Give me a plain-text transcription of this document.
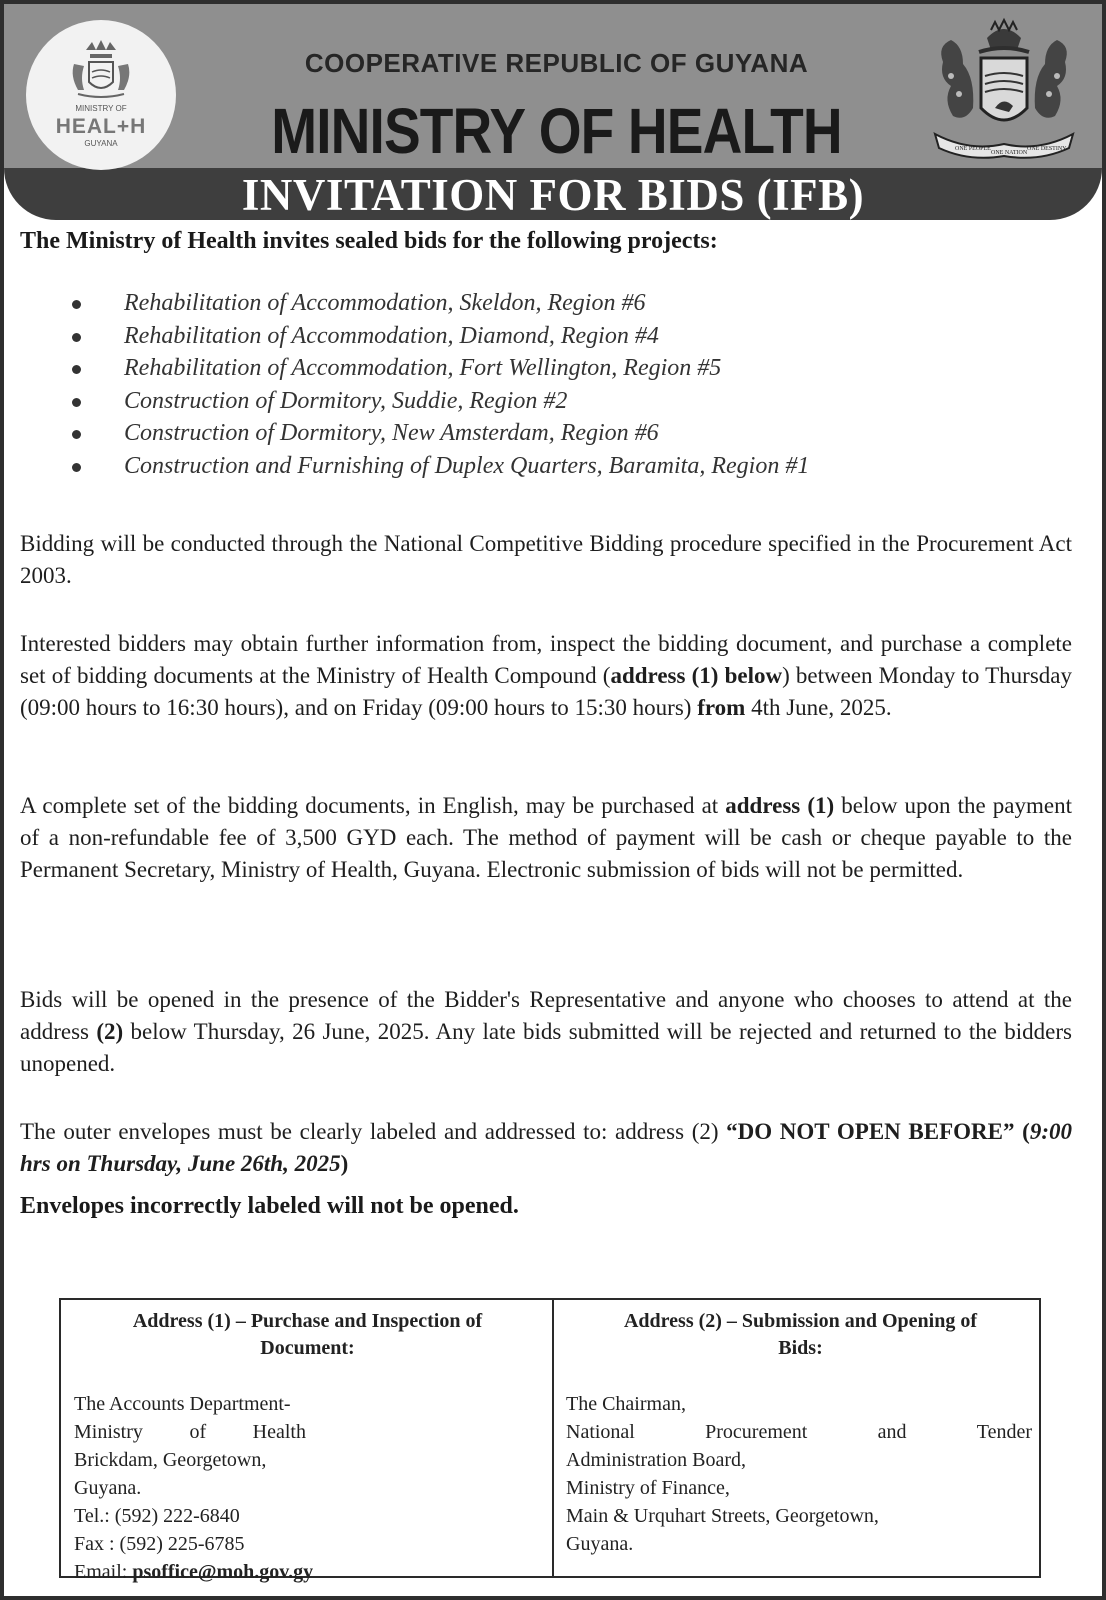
MINISTRY OF
HEAL+H
GUYANA
COOPERATIVE REPUBLIC OF GUYANA
MINISTRY OF HEALTH	ONE PEOPLE
ONE NATION
ONE DESTINY
INVITATION FOR BIDS (IFB)
The Ministry of Health invites sealed bids for the following projects:
Rehabilitation of Accommodation, Skeldon, Region #6
Rehabilitation of Accommodation, Diamond, Region #4
Rehabilitation of Accommodation, Fort Wellington, Region #5
Construction of Dormitory, Suddie, Region #2
Construction of Dormitory, New Amsterdam, Region #6
Construction and Furnishing of Duplex Quarters, Baramita, Region #1

Bidding will be conducted through the National Competitive Bidding procedure specified in the Procurement Act 2003.

Interested bidders may obtain further information from, inspect the bidding document, and purchase a complete set of bidding documents at the Ministry of Health Compound (address (1) below) between Monday to Thursday (09:00 hours to 16:30 hours), and on Friday (09:00 hours to 15:30 hours) from 4th June, 2025.

A complete set of the bidding documents, in English, may be purchased at address (1) below upon the payment of a non-refundable fee of 3,500 GYD each. The method of payment will be cash or cheque payable to the Permanent Secretary, Ministry of Health, Guyana. Electronic submission of bids will not be permitted.

Bids will be opened in the presence of the Bidder's Representative and anyone who chooses to attend at the address (2) below Thursday, 26 June, 2025. Any late bids submitted will be rejected and returned to the bidders unopened.

The outer envelopes must be clearly labeled and addressed to: address (2) “DO NOT OPEN BEFORE” (9:00 hrs on Thursday, June 26th, 2025)

Envelopes incorrectly labeled will not be opened.
Address (1) – Purchase and Inspection of
Document:
The Accounts Department-
Ministry of Health
Brickdam, Georgetown,
Guyana.
Tel.: (592) 222-6840
Fax : (592) 225-6785
Email: psoffice@moh.gov.gy
Address (2) – Submission and Opening of
Bids:
The Chairman,
National	Procurement	and	Tender
Administration Board,
Ministry of Finance,
Main & Urquhart Streets, Georgetown,
Guyana.
